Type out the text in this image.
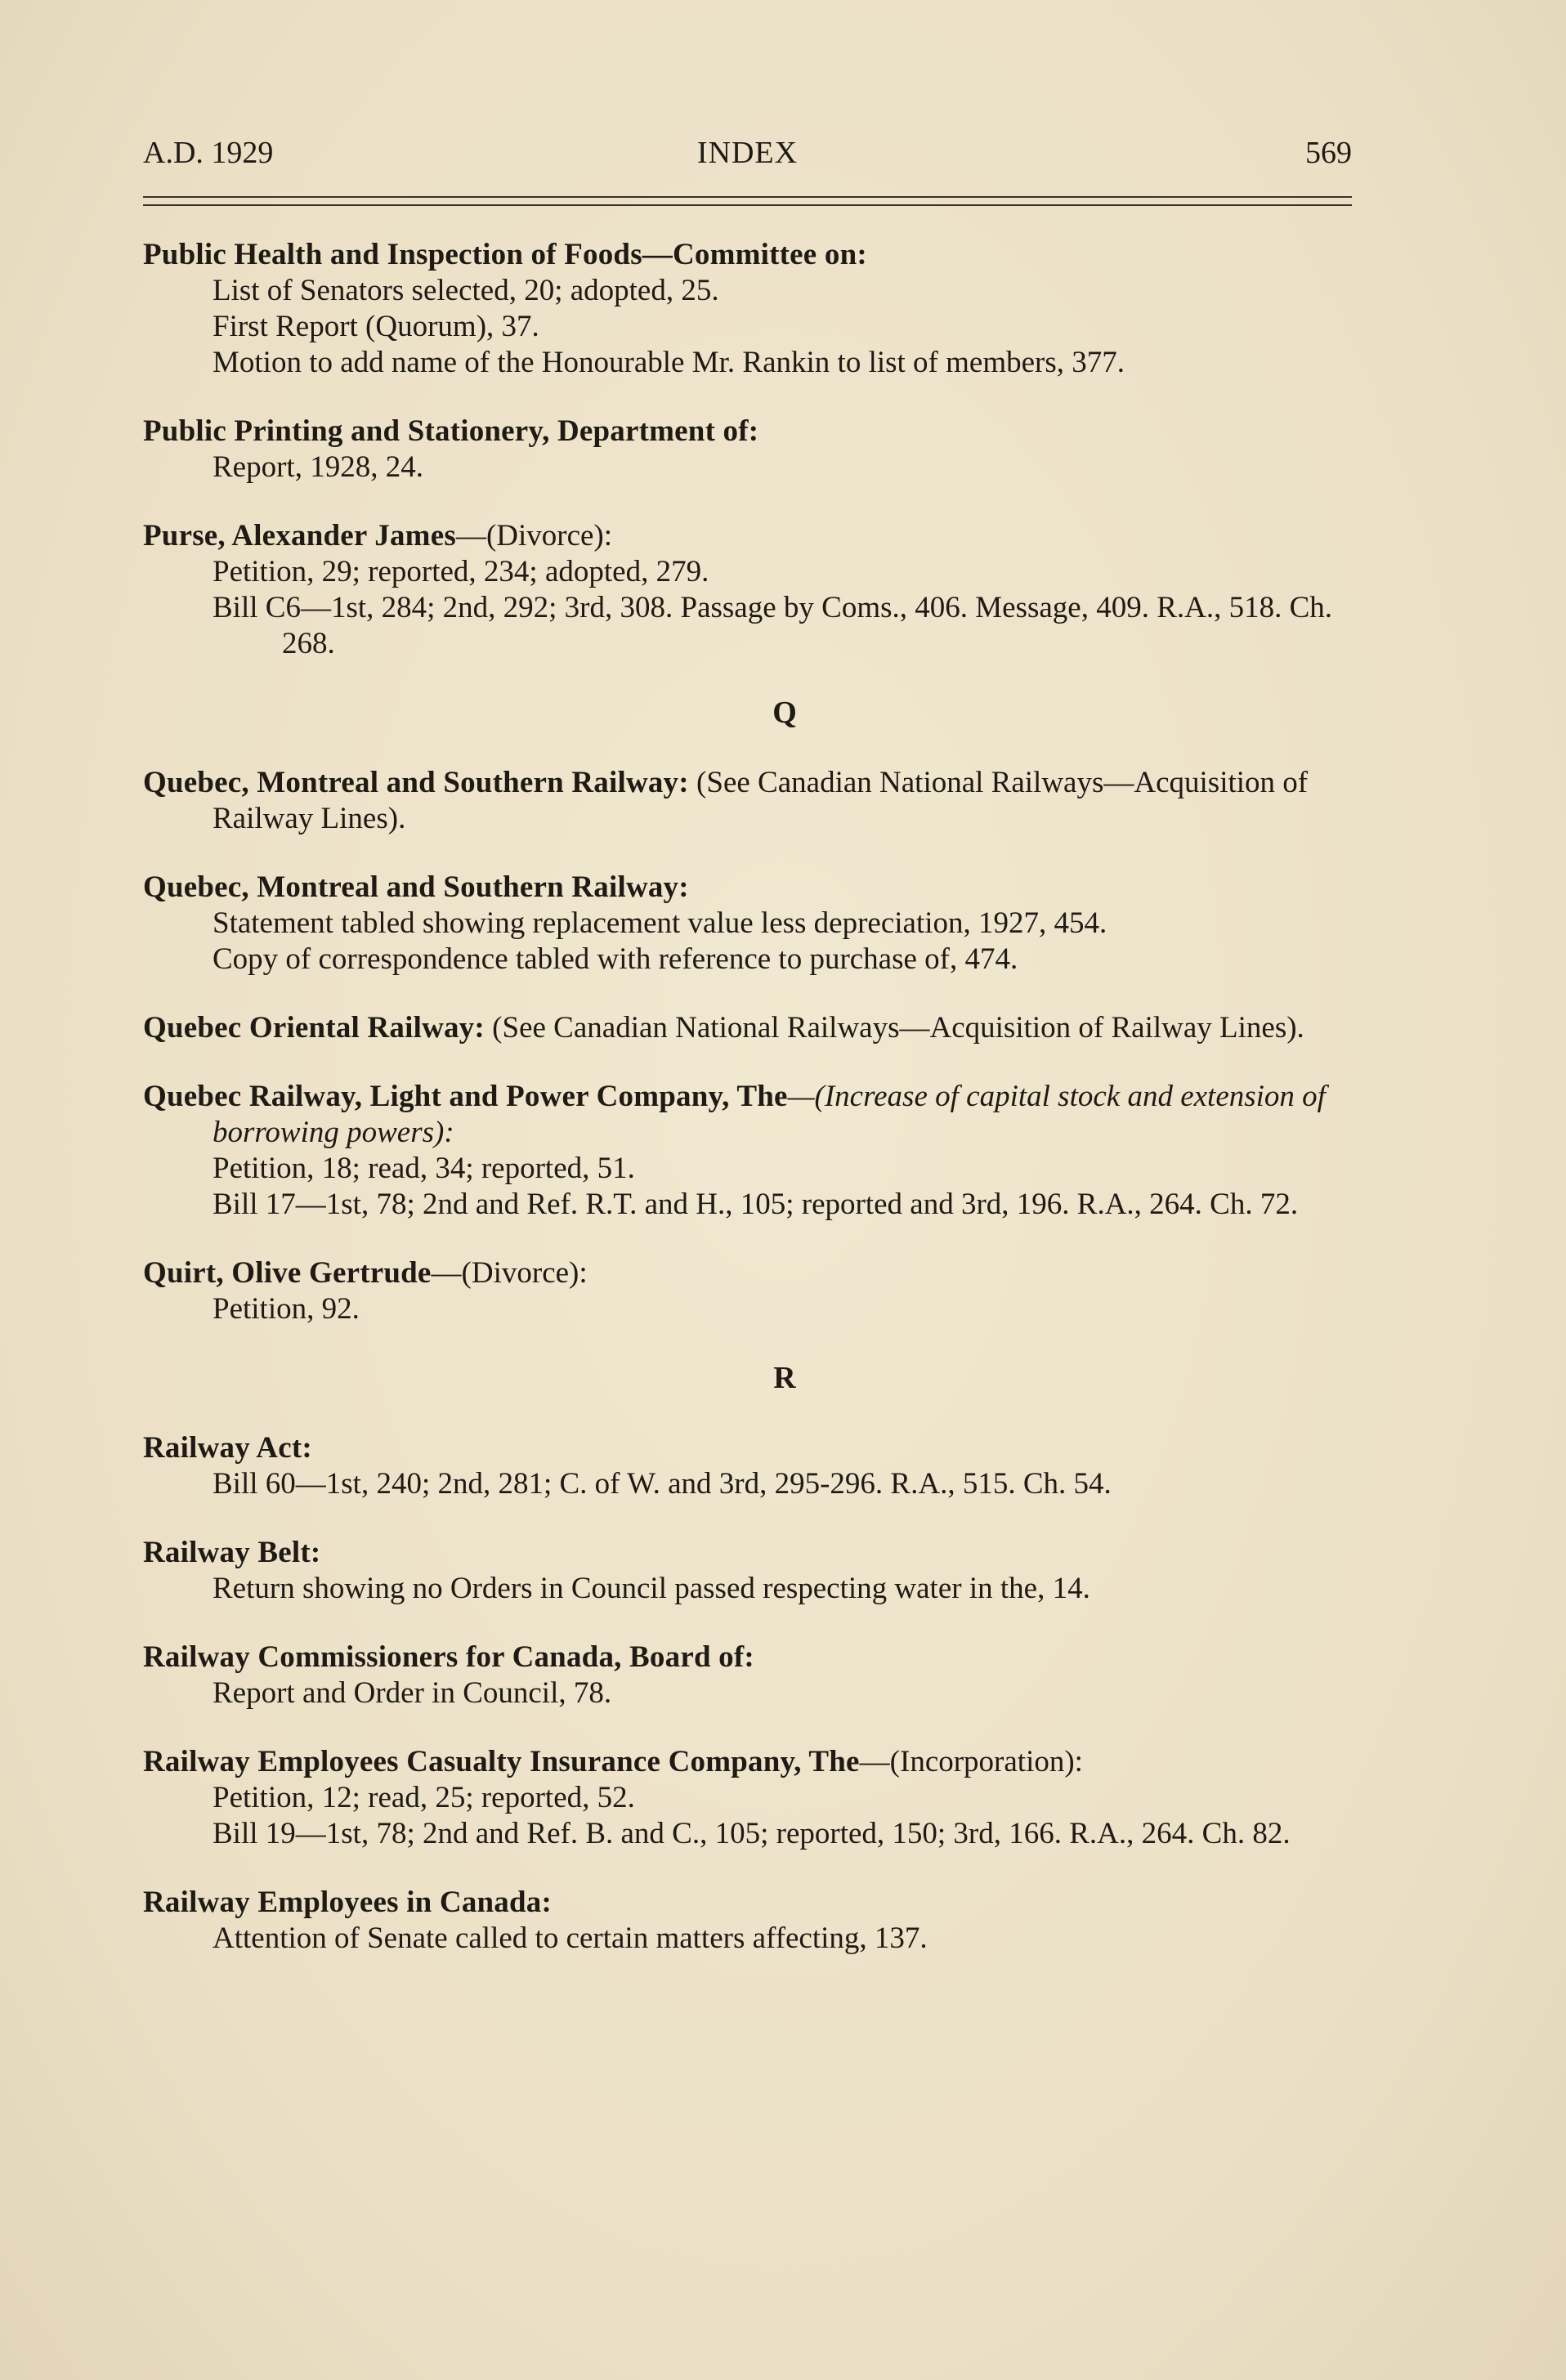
A.D. 1929	INDEX	569
Public Health and Inspection of Foods—Committee on:
List of Senators selected, 20; adopted, 25.
First Report (Quorum), 37.
Motion to add name of the Honourable Mr. Rankin to list of members, 377.
Public Printing and Stationery, Department of:
Report, 1928, 24.
Purse, Alexander James—(Divorce):
Petition, 29; reported, 234; adopted, 279.
Bill C6—1st, 284; 2nd, 292; 3rd, 308. Passage by Coms., 406. Message, 409. R.A., 518. Ch. 268.
Q
Quebec, Montreal and Southern Railway: (See Canadian National Railways—Acquisition of Railway Lines).
Quebec, Montreal and Southern Railway:
Statement tabled showing replacement value less depreciation, 1927, 454.
Copy of correspondence tabled with reference to purchase of, 474.
Quebec Oriental Railway: (See Canadian National Railways—Acquisition of Railway Lines).
Quebec Railway, Light and Power Company, The—(Increase of capital stock and extension of borrowing powers):
Petition, 18; read, 34; reported, 51.
Bill 17—1st, 78; 2nd and Ref. R.T. and H., 105; reported and 3rd, 196. R.A., 264. Ch. 72.
Quirt, Olive Gertrude—(Divorce):
Petition, 92.
R
Railway Act:
Bill 60—1st, 240; 2nd, 281; C. of W. and 3rd, 295-296. R.A., 515. Ch. 54.
Railway Belt:
Return showing no Orders in Council passed respecting water in the, 14.
Railway Commissioners for Canada, Board of:
Report and Order in Council, 78.
Railway Employees Casualty Insurance Company, The—(Incorporation):
Petition, 12; read, 25; reported, 52.
Bill 19—1st, 78; 2nd and Ref. B. and C., 105; reported, 150; 3rd, 166. R.A., 264. Ch. 82.
Railway Employees in Canada:
Attention of Senate called to certain matters affecting, 137.
